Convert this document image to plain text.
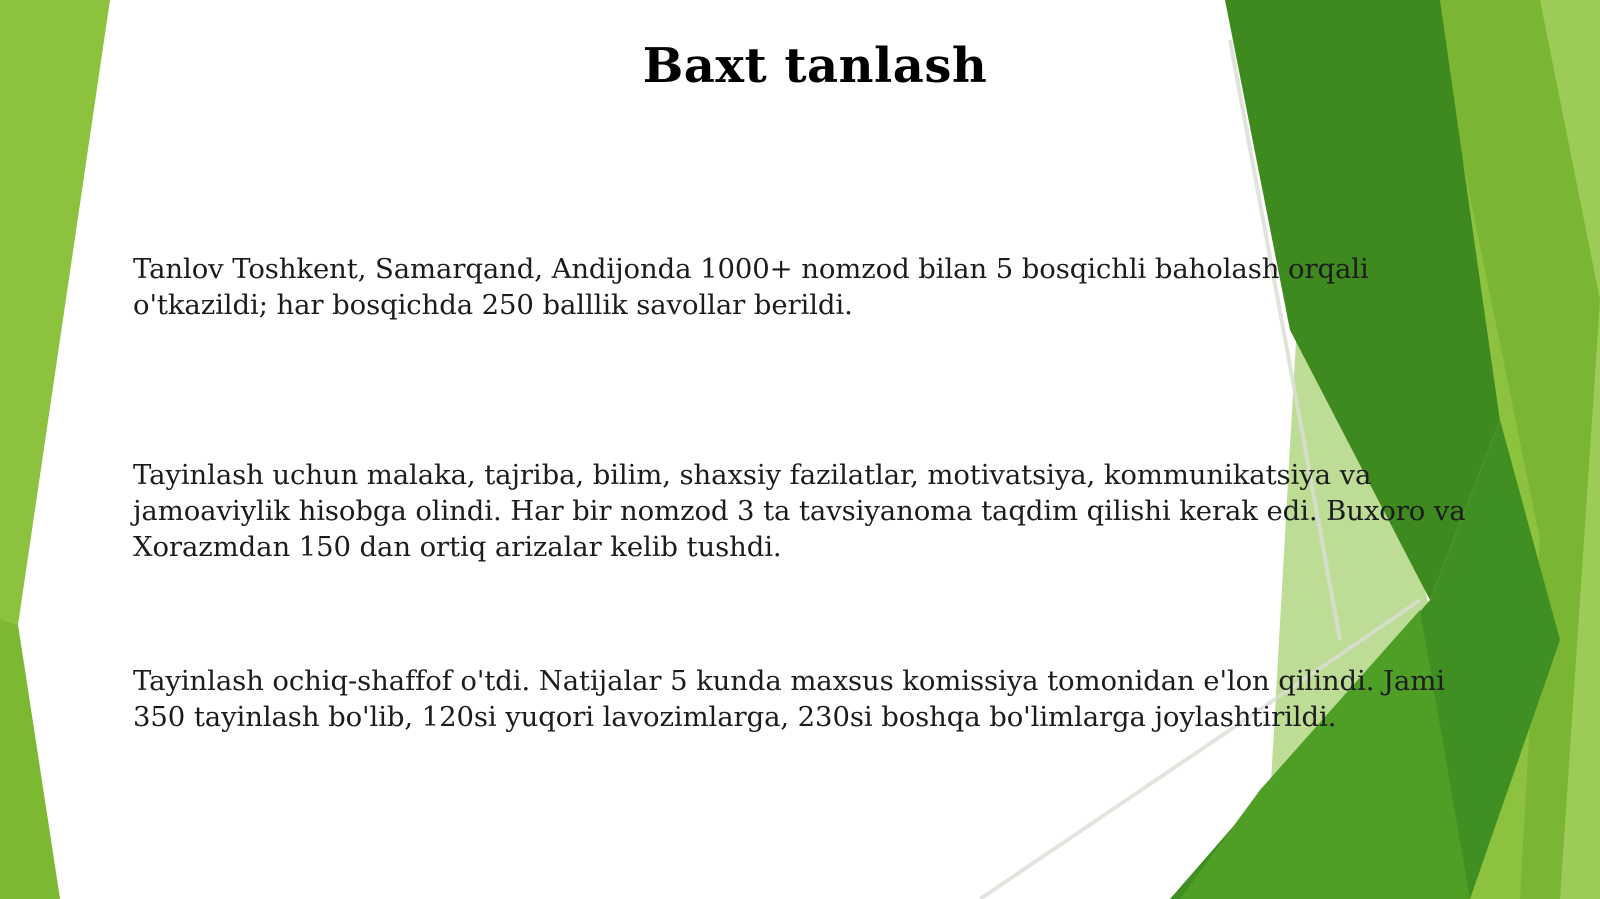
Baxt tanlash

Tanlov Toshkent, Samarqand, Andijonda 1000+ nomzod bilan 5 bosqichli baholash orqali o'tkazildi; har bosqichda 250 balllik savollar berildi.

Tayinlash uchun malaka, tajriba, bilim, shaxsiy fazilatlar, motivatsiya, kommunikatsiya va jamoaviylik hisobga olindi. Har bir nomzod 3 ta tavsiyanoma taqdim qilishi kerak edi. Buxoro va Xorazmdan 150 dan ortiq arizalar kelib tushdi.

Tayinlash ochiq-shaffof o'tdi. Natijalar 5 kunda maxsus komissiya tomonidan e'lon qilindi. Jami 350 tayinlash bo'lib, 120si yuqori lavozimlarga, 230si boshqa bo'limlarga joylashtirildi.
